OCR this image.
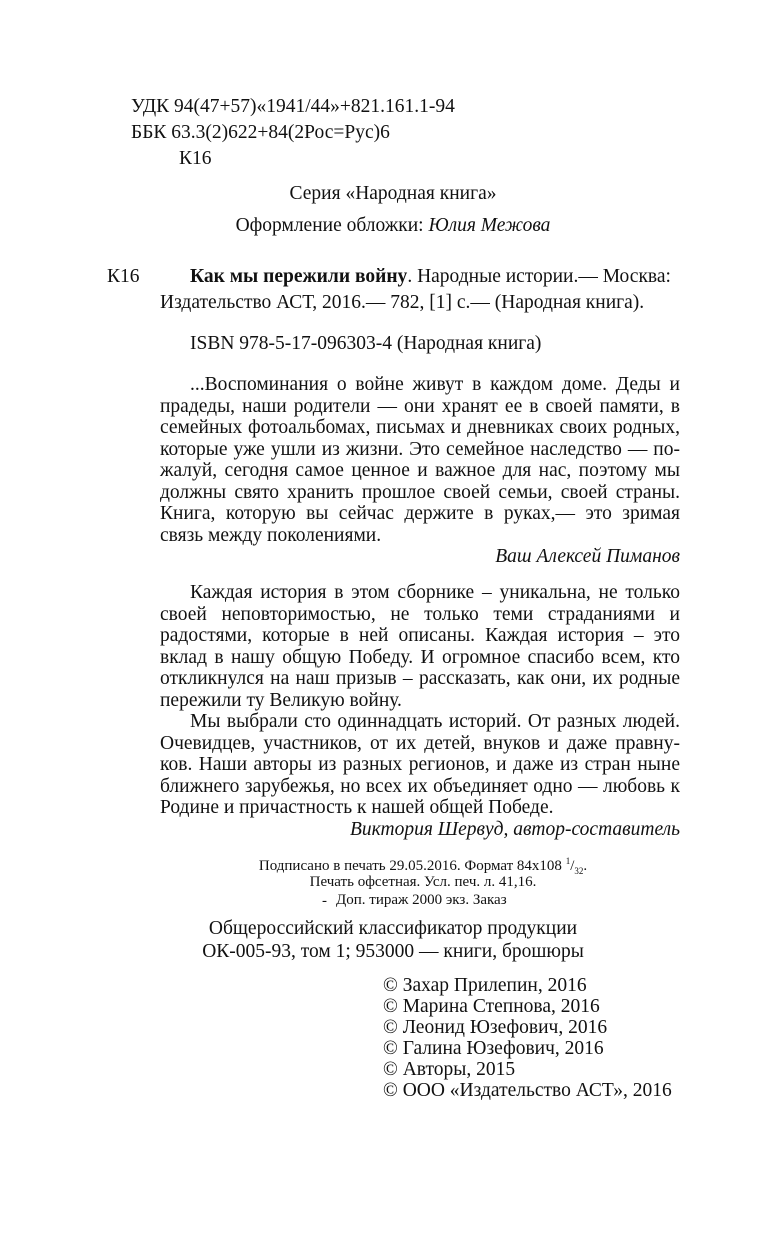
УДК 94(47+57)«1941/44»+821.161.1-94
ББК 63.3(2)622+84(2Рос=Рус)6
К16
Серия «Народная книга»
Оформление обложки: Юлия Межова
К16	Как мы пережили войну. Народные истории.— Москва:
Издательство АСТ, 2016.— 782, [1] с.— (Народная книга).
ISBN 978-5-17-096303-4 (Народная книга)
...Воспоминания о войне живут в каждом доме. Деды и
прадеды, наши родители — они хранят ее в своей памяти, в
семейных фотоальбомах, письмах и дневниках своих родных,
которые уже ушли из жизни. Это семейное наследство — по-
жалуй, сегодня самое ценное и важное для нас, поэтому мы
должны свято хранить прошлое своей семьи, своей страны.
Книга, которую вы сейчас держите в руках,— это зримая
связь между поколениями.
Ваш Алексей Пиманов
Каждая история в этом сборнике – уникальна, не только
своей неповторимостью, не только теми страданиями и
радостями, которые в ней описаны. Каждая история – это
вклад в нашу общую Победу. И огромное спасибо всем, кто
откликнулся на наш призыв – рассказать, как они, их родные
пережили ту Великую войну.
Мы выбрали сто одиннадцать историй. От разных людей.
Очевидцев, участников, от их детей, внуков и даже правну-
ков. Наши авторы из разных регионов, и даже из стран ныне
ближнего зарубежья, но всех их объединяет одно — любовь к
Родине и причастность к нашей общей Победе.
Виктория Шервуд, автор-составитель
Подписано в печать 29.05.2016. Формат 84х108 $^1/_{32}$.
Печать офсетная. Усл. печ. л. 41,16.
- Доп. тираж 2000 экз. Заказ
Общероссийский классификатор продукции
ОК-005-93, том 1; 953000 — книги, брошюры
© Захар Прилепин, 2016
© Марина Степнова, 2016
© Леонид Юзефович, 2016
© Галина Юзефович, 2016
© Авторы, 2015
© ООО «Издательство АСТ», 2016
